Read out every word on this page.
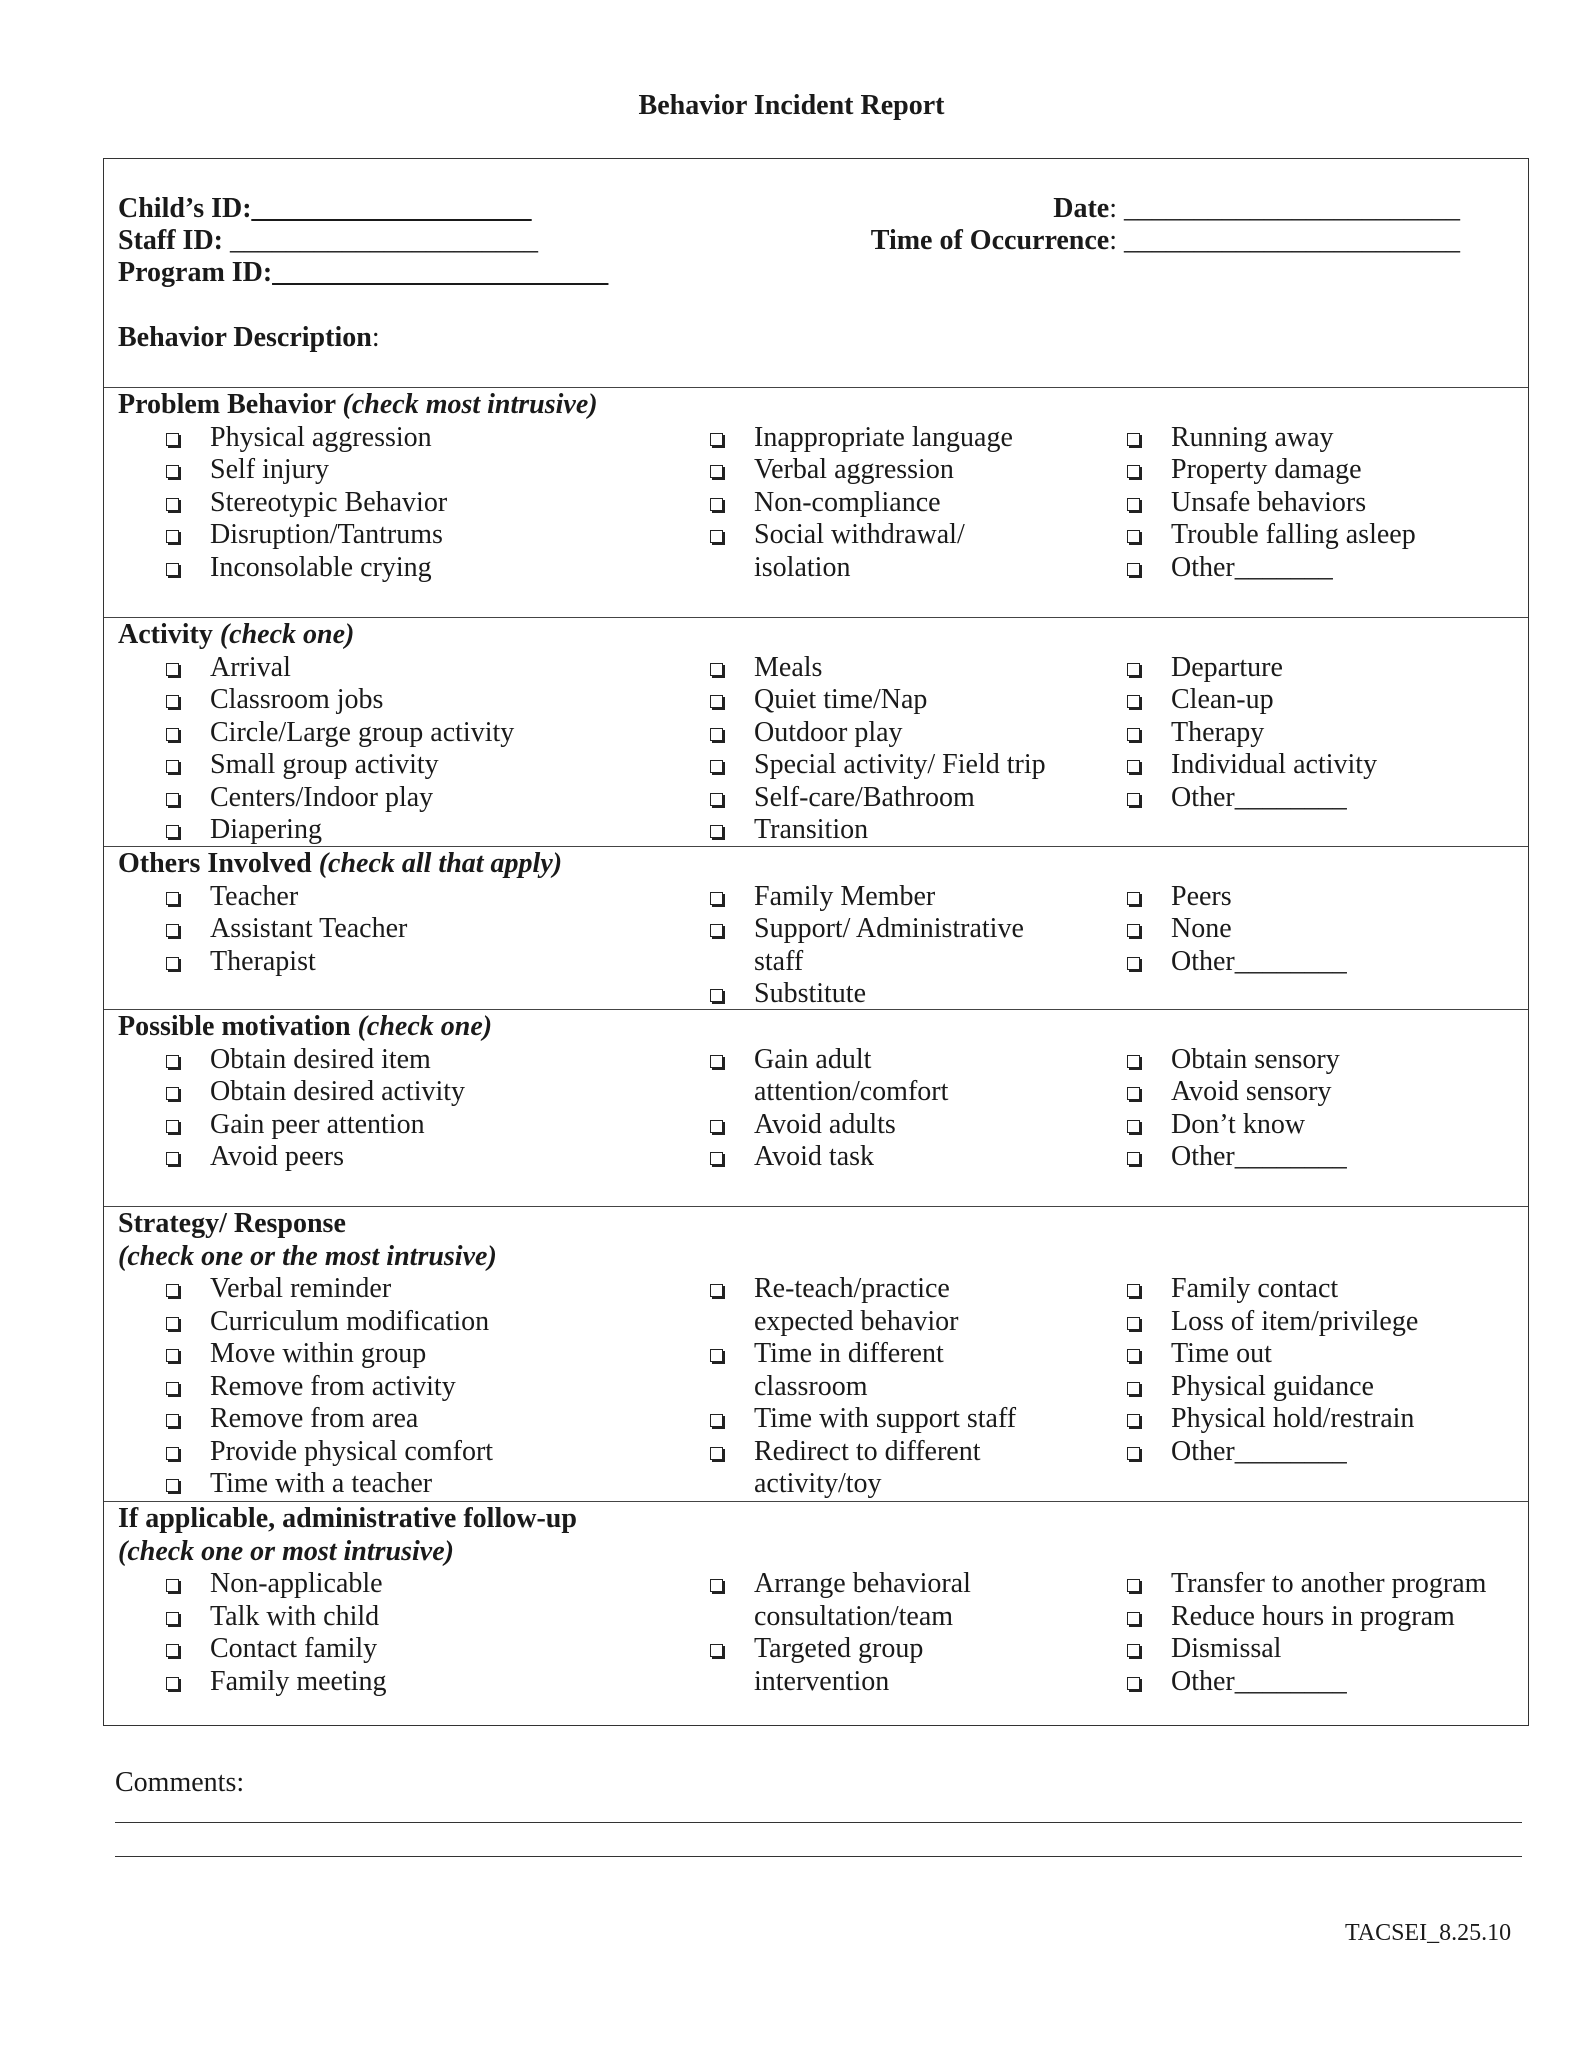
Behavior Incident Report
Child’s ID:____________________
Staff ID: ______________________
Program ID:________________________
Date: ________________________
Time of Occurrence: ________________________
Behavior Description:
Problem Behavior (check most intrusive)
Physical aggression
Self injury
Stereotypic Behavior
Disruption/Tantrums
Inconsolable crying
Inappropriate language
Verbal aggression
Non-compliance
Social withdrawal/
isolation
Running away
Property damage
Unsafe behaviors
Trouble falling asleep
Other_______
Activity (check one)
Arrival
Classroom jobs
Circle/Large group activity
Small group activity
Centers/Indoor play
Diapering
Meals
Quiet time/Nap
Outdoor play
Special activity/ Field trip
Self-care/Bathroom
Transition
Departure
Clean-up
Therapy
Individual activity
Other________
Others Involved (check all that apply)
Teacher
Assistant Teacher
Therapist
Family Member
Support/ Administrative
staff
Substitute
Peers
None
Other________
Possible motivation (check one)
Obtain desired item
Obtain desired activity
Gain peer attention
Avoid peers
Gain adult
attention/comfort
Avoid adults
Avoid task
Obtain sensory
Avoid sensory
Don’t know
Other________
Strategy/ Response
(check one or the most intrusive)
Verbal reminder
Curriculum modification
Move within group
Remove from activity
Remove from area
Provide physical comfort
Time with a teacher
Re-teach/practice
expected behavior
Time in different
classroom
Time with support staff
Redirect to different
activity/toy
Family contact
Loss of item/privilege
Time out
Physical guidance
Physical hold/restrain
Other________
If applicable, administrative follow-up
(check one or most intrusive)
Non-applicable
Talk with child
Contact family
Family meeting
Arrange behavioral
consultation/team
Targeted group
intervention
Transfer to another program
Reduce hours in program
Dismissal
Other________
Comments:
TACSEI_8.25.10
